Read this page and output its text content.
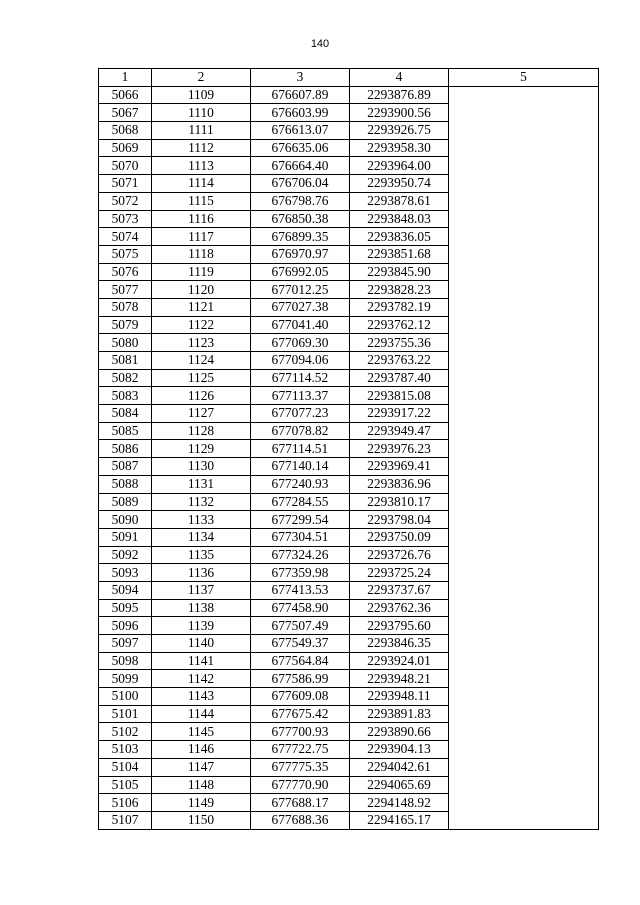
140
1	2	3	4	5
5066	1109	676607.89	2293876.89	
5067	1110	676603.99	2293900.56	
5068	1111	676613.07	2293926.75	
5069	1112	676635.06	2293958.30	
5070	1113	676664.40	2293964.00	
5071	1114	676706.04	2293950.74	
5072	1115	676798.76	2293878.61	
5073	1116	676850.38	2293848.03	
5074	1117	676899.35	2293836.05	
5075	1118	676970.97	2293851.68	
5076	1119	676992.05	2293845.90	
5077	1120	677012.25	2293828.23	
5078	1121	677027.38	2293782.19	
5079	1122	677041.40	2293762.12	
5080	1123	677069.30	2293755.36	
5081	1124	677094.06	2293763.22	
5082	1125	677114.52	2293787.40	
5083	1126	677113.37	2293815.08	
5084	1127	677077.23	2293917.22	
5085	1128	677078.82	2293949.47	
5086	1129	677114.51	2293976.23	
5087	1130	677140.14	2293969.41	
5088	1131	677240.93	2293836.96	
5089	1132	677284.55	2293810.17	
5090	1133	677299.54	2293798.04	
5091	1134	677304.51	2293750.09	
5092	1135	677324.26	2293726.76	
5093	1136	677359.98	2293725.24	
5094	1137	677413.53	2293737.67	
5095	1138	677458.90	2293762.36	
5096	1139	677507.49	2293795.60	
5097	1140	677549.37	2293846.35	
5098	1141	677564.84	2293924.01	
5099	1142	677586.99	2293948.21	
5100	1143	677609.08	2293948.11	
5101	1144	677675.42	2293891.83	
5102	1145	677700.93	2293890.66	
5103	1146	677722.75	2293904.13	
5104	1147	677775.35	2294042.61	
5105	1148	677770.90	2294065.69	
5106	1149	677688.17	2294148.92	
5107	1150	677688.36	2294165.17	
